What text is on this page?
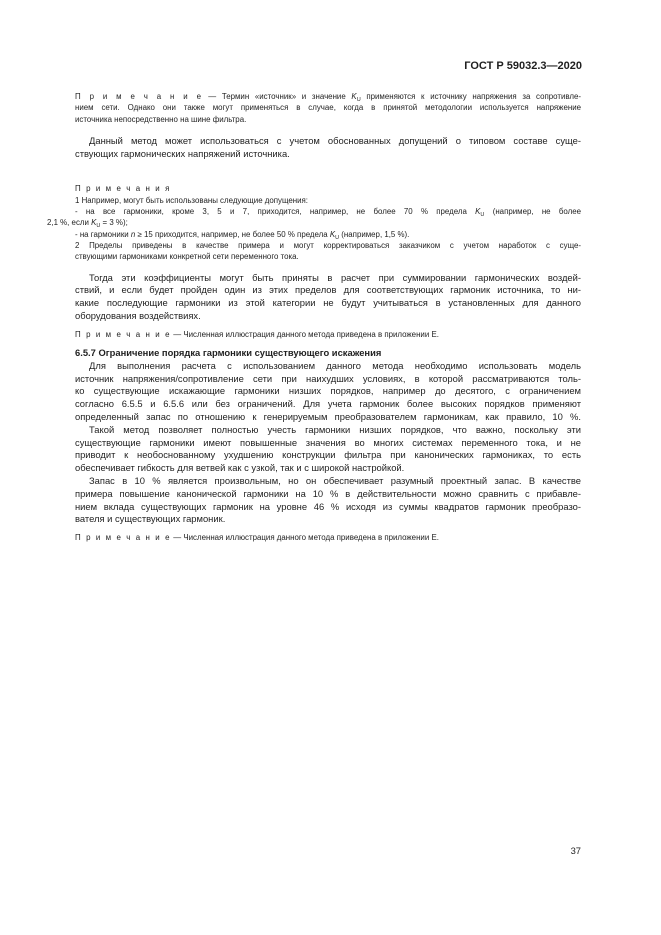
ГОСТ Р 59032.3—2020

П р и м е ч а н и е — Термин «источник» и значение $K_U$ применяются к источнику напряжения за сопротивле-

нием сети. Однако они также могут применяться в случае, когда в принятой методологии используется напряжение

источника непосредственно на шине фильтра.

Данный метод может использоваться с учетом обоснованных допущений о типовом составе суще-

ствующих гармонических напряжений источника.

П р и м е ч а н и я

1 Например, могут быть использованы следующие допущения:

- на все гармоники, кроме 3, 5 и 7, приходится, например, не более 70 % предела $K_U$ (например, не более

2,1 %, если $K_U = 3$ %);

- на гармоники n ≥ 15 приходится, например, не более 50 % предела $K_U$ (например, 1,5 %).

2 Пределы приведены в качестве примера и могут корректироваться заказчиком с учетом наработок с суще-

ствующими гармониками конкретной сети переменного тока.

Тогда эти коэффициенты могут быть приняты в расчет при суммировании гармонических воздей-

ствий, и если будет пройден один из этих пределов для соответствующих гармоник источника, то ни-

какие последующие гармоники из этой категории не будут учитываться в установленных для данного

оборудования воздействиях.

П р и м е ч а н и е — Численная иллюстрация данного метода приведена в приложении Е.

6.5.7 Ограничение порядка гармоники существующего искажения

Для выполнения расчета с использованием данного метода необходимо использовать модель

источник напряжения/сопротивление сети при наихудших условиях, в которой рассматриваются толь-

ко существующие искажающие гармоники низших порядков, например до десятого, с ограничением

согласно 6.5.5 и 6.5.6 или без ограничений. Для учета гармоник более высоких порядков применяют

определенный запас по отношению к генерируемым преобразователем гармоникам, как правило, 10 %.

Такой метод позволяет полностью учесть гармоники низших порядков, что важно, поскольку эти

существующие гармоники имеют повышенные значения во многих системах переменного тока, и не

приводит к необоснованному ухудшению конструкции фильтра при канонических гармониках, то есть

обеспечивает гибкость для ветвей как с узкой, так и с широкой настройкой.

Запас в 10 % является произвольным, но он обеспечивает разумный проектный запас. В качестве

примера повышение канонической гармоники на 10 % в действительности можно сравнить с прибавле-

нием вклада существующих гармоник на уровне 46 % исходя из суммы квадратов гармоник преобразо-

вателя и существующих гармоник.

П р и м е ч а н и е — Численная иллюстрация данного метода приведена в приложении Е.

37
